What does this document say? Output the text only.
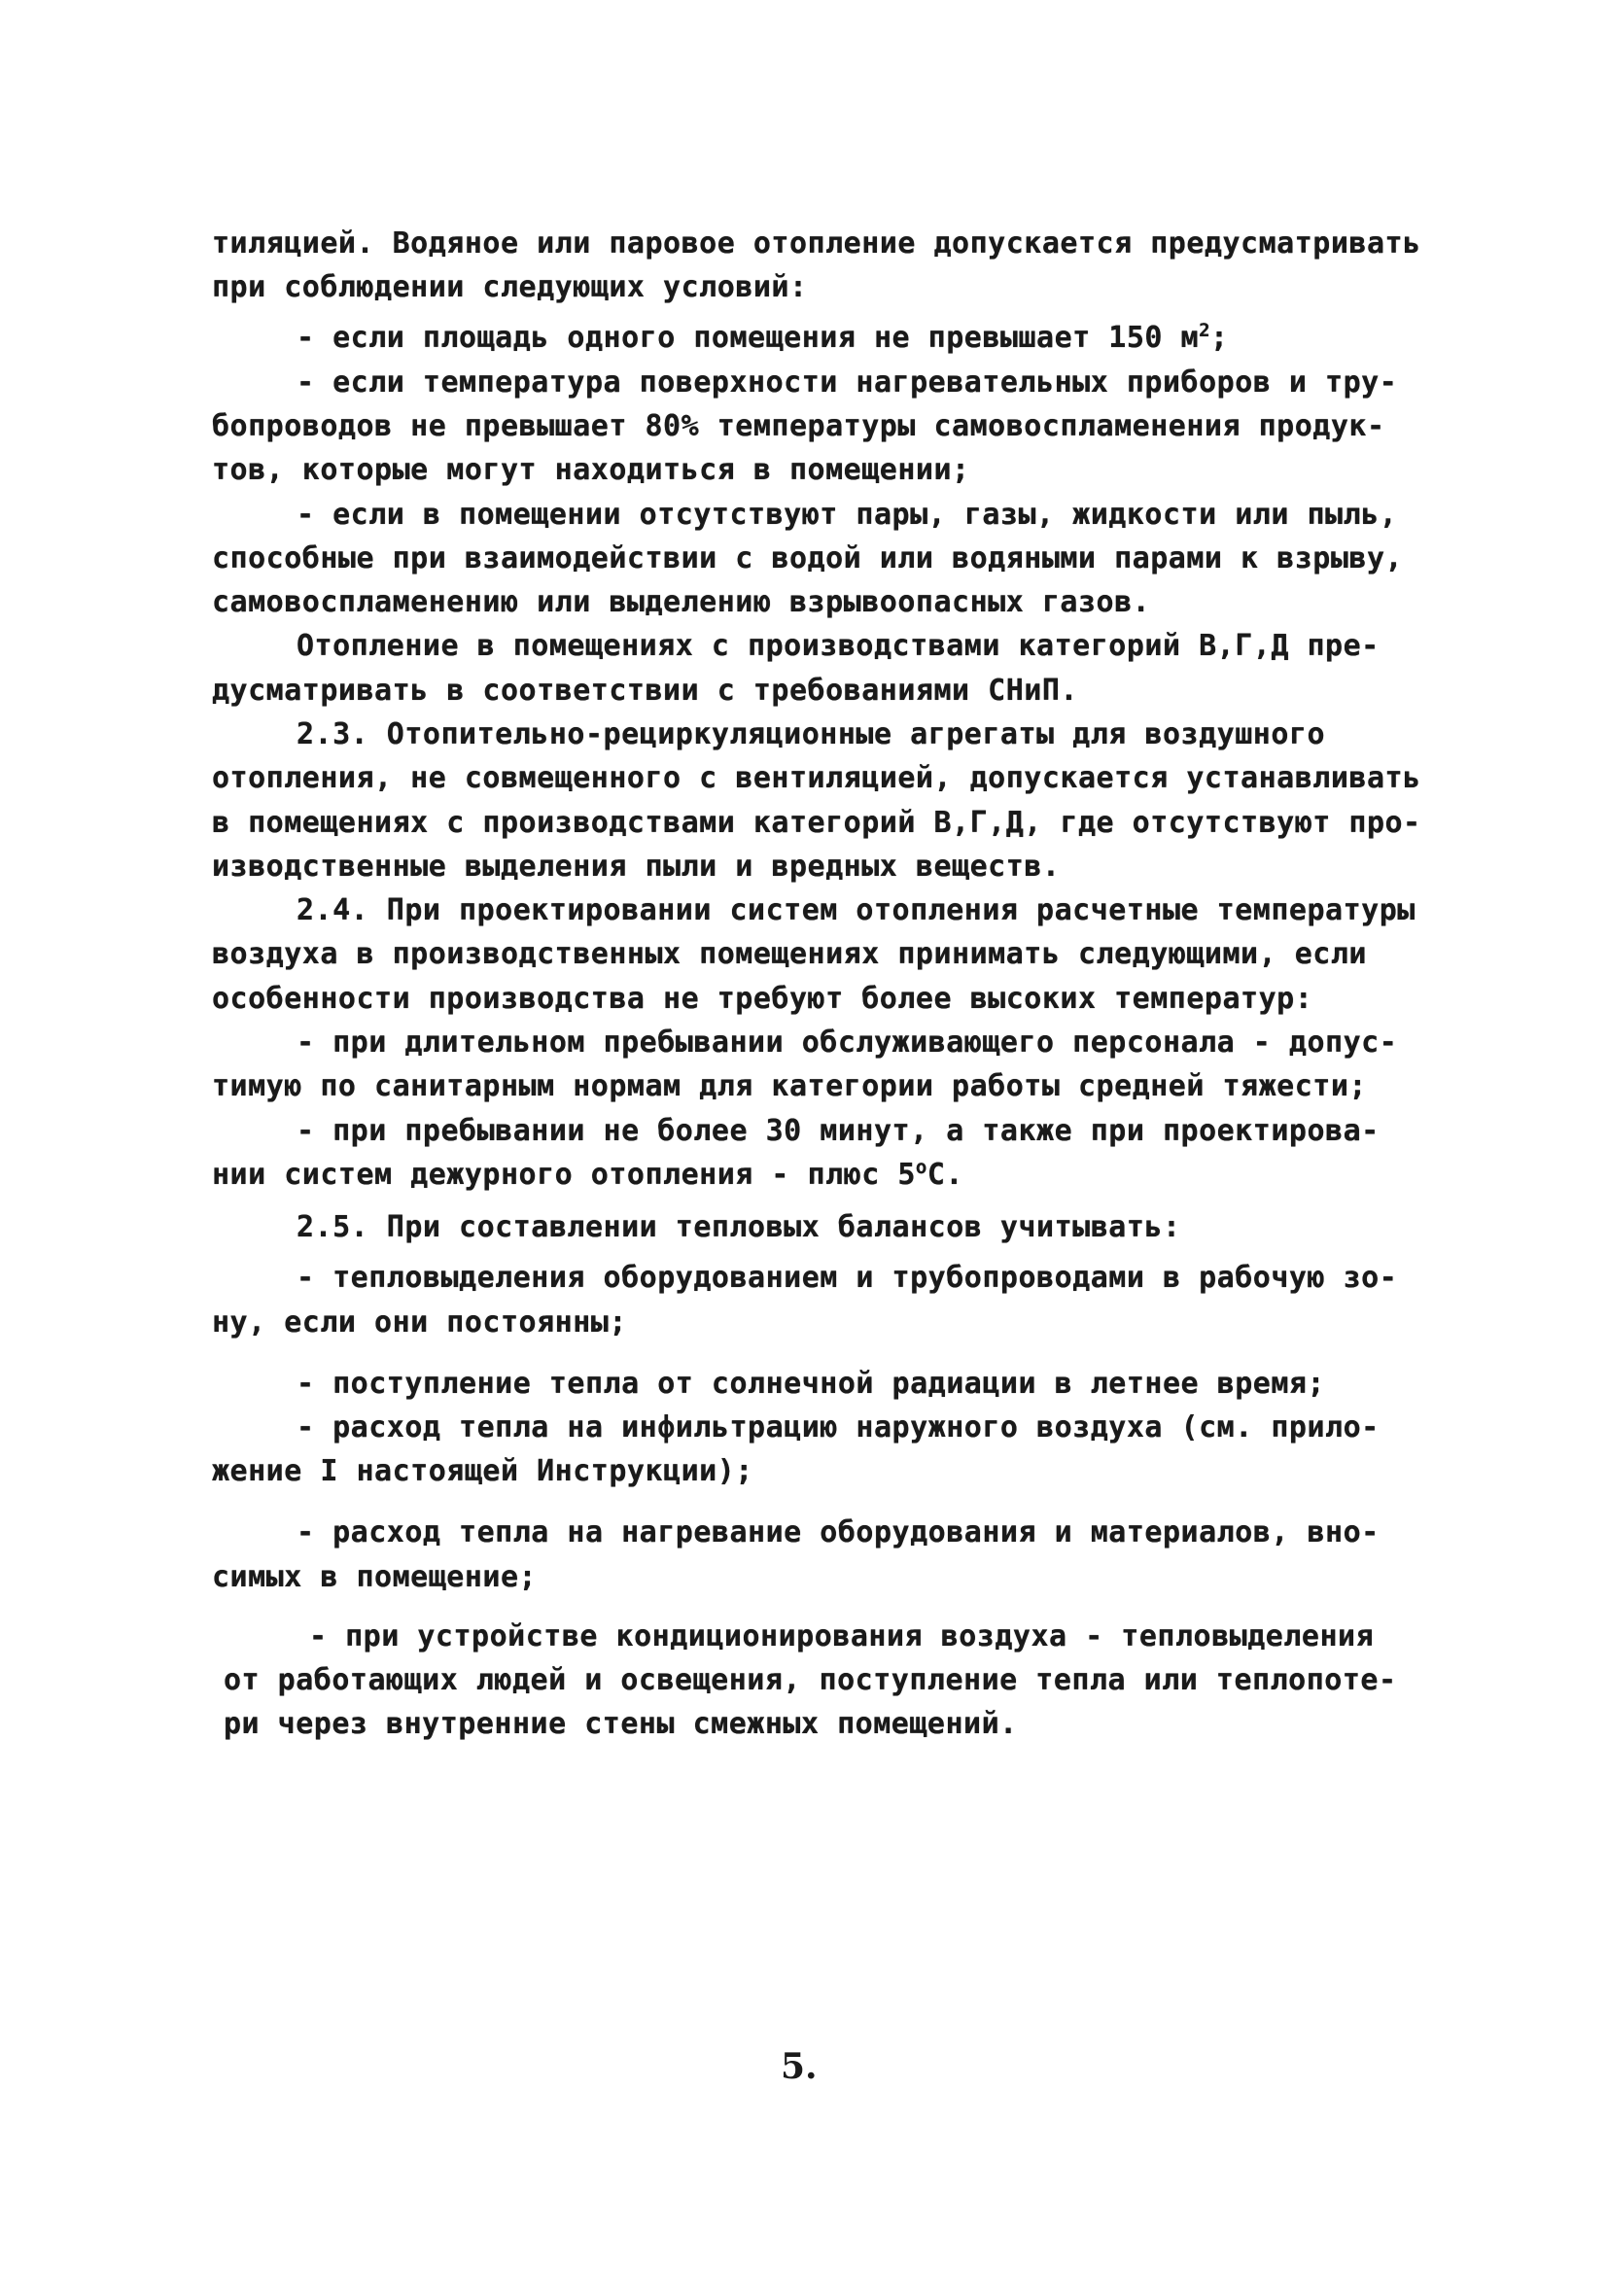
тиляцией. Водяное или паровое отопление допускается предусматривать
при соблюдении следующих условий:
- если площадь одного помещения не превышает 150 $м^2$;
- если температура поверхности нагревательных приборов и тру-
бопроводов не превышает 80% температуры самовоспламенения продук-
тов, которые могут находиться в помещении;
- если в помещении отсутствуют пары, газы, жидкости или пыль,
способные при взаимодействии с водой или водяными парами к взрыву,
самовоспламенению или выделению взрывоопасных газов.
Отопление в помещениях с производствами категорий В,Г,Д пре-
дусматривать в соответствии с требованиями СНиП.
2.3. Отопительно-рециркуляционные агрегаты для воздушного
отопления, не совмещенного с вентиляцией, допускается устанавливать
в помещениях с производствами категорий В,Г,Д, где отсутствуют про-
изводственные выделения пыли и вредных веществ.
2.4. При проектировании систем отопления расчетные температуры
воздуха в производственных помещениях принимать следующими, если
особенности производства не требуют более высоких температур:
- при длительном пребывании обслуживающего персонала - допус-
тимую по санитарным нормам для категории работы средней тяжести;
- при пребывании не более 30 минут, а также при проектирова-
нии систем дежурного отопления - плюс $5^оС$.
2.5. При составлении тепловых балансов учитывать:
- тепловыделения оборудованием и трубопроводами в рабочую зо-
ну, если они постоянны;
- поступление тепла от солнечной радиации в летнее время;
- расход тепла на инфильтрацию наружного воздуха (см. прило-
жение I настоящей Инструкции);
- расход тепла на нагревание оборудования и материалов, вно-
симых в помещение;
- при устройстве кондиционирования воздуха - тепловыделения
от работающих людей и освещения, поступление тепла или теплопоте-
ри через внутренние стены смежных помещений.
5.
